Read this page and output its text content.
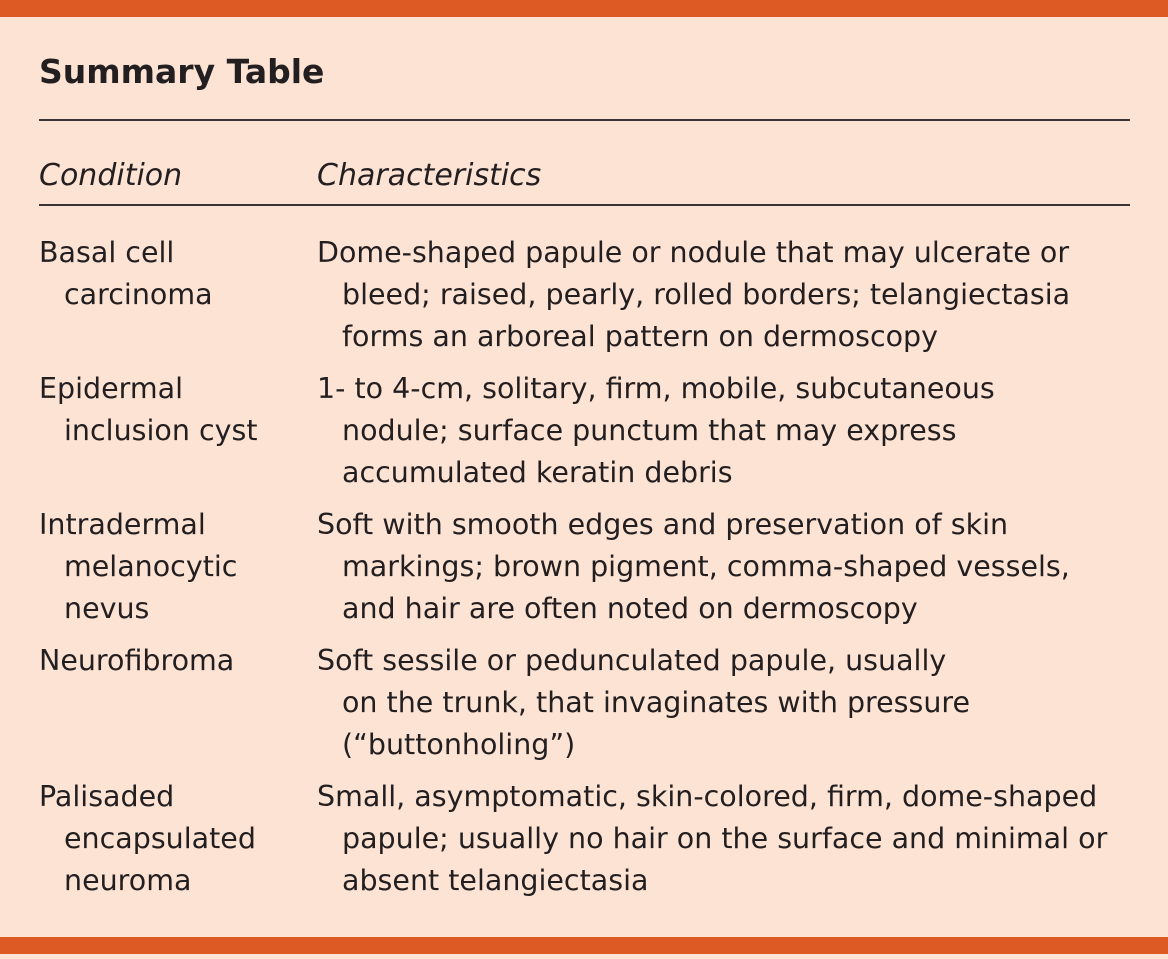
Summary Table
Condition	Characteristics
Basal cell
carcinoma
Dome-shaped papule or nodule that may ulcerate or
bleed; raised, pearly, rolled borders; telangiectasia
forms an arboreal pattern on dermoscopy
Epidermal
inclusion cyst
1- to 4-cm, solitary, firm, mobile, subcutaneous
nodule; surface punctum that may express
accumulated keratin debris
Intradermal
melanocytic
nevus
Soft with smooth edges and preservation of skin
markings; brown pigment, comma-shaped vessels,
and hair are often noted on dermoscopy
Neurofibroma	Soft sessile or pedunculated papule, usually
on the trunk, that invaginates with pressure
(“buttonholing”)
Palisaded
encapsulated
neuroma
Small, asymptomatic, skin-colored, firm, dome-shaped
papule; usually no hair on the surface and minimal or
absent telangiectasia
